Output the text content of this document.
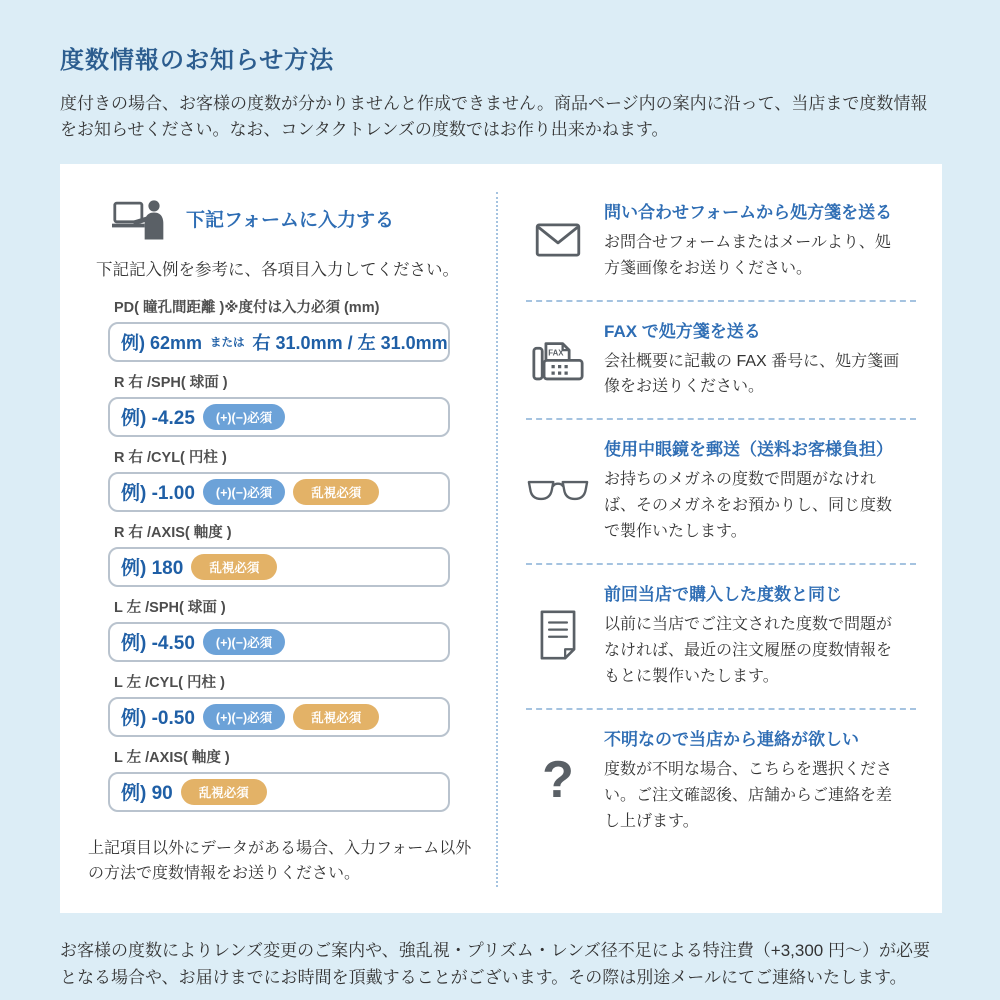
度数情報のお知らせ方法

度付きの場合、お客様の度数が分かりませんと作成できません。商品ページ内の案内に沿って、当店まで度数情報をお知らせください。なお、コンタクトレンズの度数ではお作り出来かねます。

下記フォームに入力する

下記記入例を参考に、各項目入力してください。

PD( 瞳孔間距離 )※度付は入力必須 (mm)
例) 62mm または 右 31.0mm / 左 31.0mm
R 右 /SPH( 球面 )
例) -4.25	(+)(−)必須
R 右 /CYL( 円柱 )
例) -1.00	(+)(−)必須	乱視必須
R 右 /AXIS( 軸度 )
例) 180	乱視必須
L 左 /SPH( 球面 )
例) -4.50	(+)(−)必須
L 左 /CYL( 円柱 )
例) -0.50	(+)(−)必須	乱視必須
L 左 /AXIS( 軸度 )
例) 90	乱視必須

上記項目以外にデータがある場合、入力フォーム以外の方法で度数情報をお送りください。

問い合わせフォームから処方箋を送る

お問合せフォームまたはメールより、処方箋画像をお送りください。

FAX

FAX で処方箋を送る

会社概要に記載の FAX 番号に、処方箋画像をお送りください。

使用中眼鏡を郵送（送料お客様負担）

お持ちのメガネの度数で問題がなければ、そのメガネをお預かりし、同じ度数で製作いたします。

前回当店で購入した度数と同じ

以前に当店でご注文された度数で問題がなければ、最近の注文履歴の度数情報をもとに製作いたします。

?

不明なので当店から連絡が欲しい

度数が不明な場合、こちらを選択ください。ご注文確認後、店舗からご連絡を差し上げます。

お客様の度数によりレンズ変更のご案内や、強乱視・プリズム・レンズ径不足による特注費（+3,300 円～）が必要となる場合や、お届けまでにお時間を頂戴することがございます。その際は別途メールにてご連絡いたします。
